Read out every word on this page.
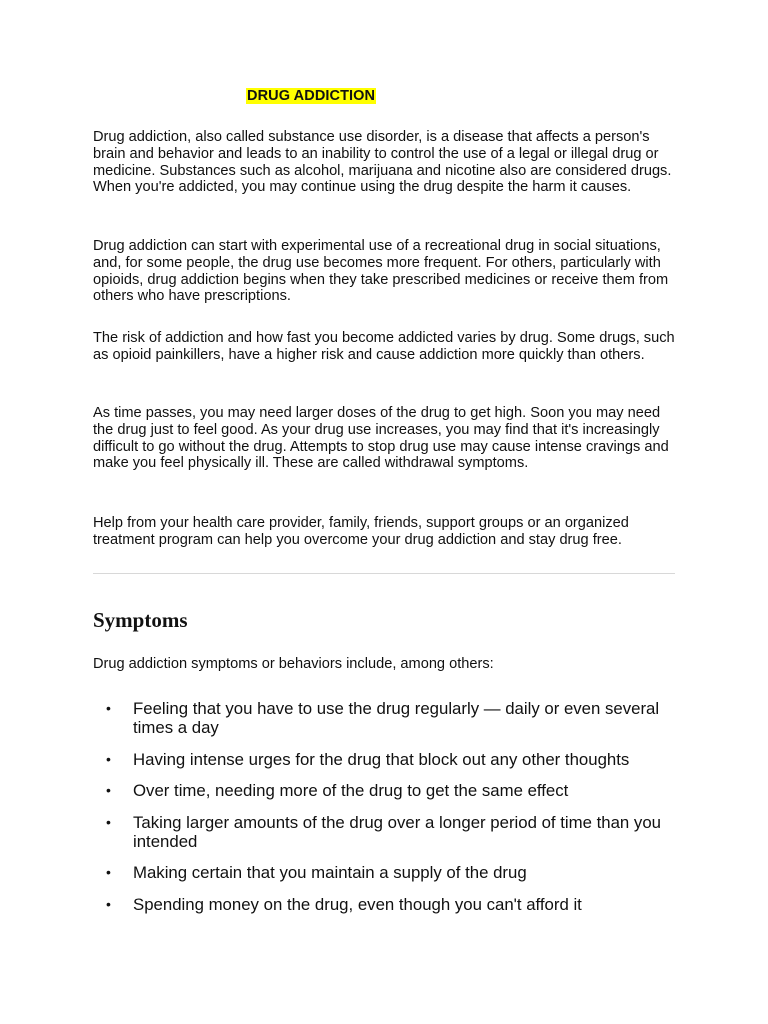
DRUG ADDICTION

Drug addiction, also called substance use disorder, is a disease that affects a person's brain and behavior and leads to an inability to control the use of a legal or illegal drug or medicine. Substances such as alcohol, marijuana and nicotine also are considered drugs. When you're addicted, you may continue using the drug despite the harm it causes.

Drug addiction can start with experimental use of a recreational drug in social situations, and, for some people, the drug use becomes more frequent. For others, particularly with opioids, drug addiction begins when they take prescribed medicines or receive them from others who have prescriptions.

The risk of addiction and how fast you become addicted varies by drug. Some drugs, such as opioid painkillers, have a higher risk and cause addiction more quickly than others.

As time passes, you may need larger doses of the drug to get high. Soon you may need the drug just to feel good. As your drug use increases, you may find that it's increasingly difficult to go without the drug. Attempts to stop drug use may cause intense cravings and make you feel physically ill. These are called withdrawal symptoms.

Help from your health care provider, family, friends, support groups or an organized treatment program can help you overcome your drug addiction and stay drug free.

Symptoms

Drug addiction symptoms or behaviors include, among others:

• Feeling that you have to use the drug regularly — daily or even several times a day
• Having intense urges for the drug that block out any other thoughts
• Over time, needing more of the drug to get the same effect
• Taking larger amounts of the drug over a longer period of time than you intended
• Making certain that you maintain a supply of the drug
• Spending money on the drug, even though you can't afford it
